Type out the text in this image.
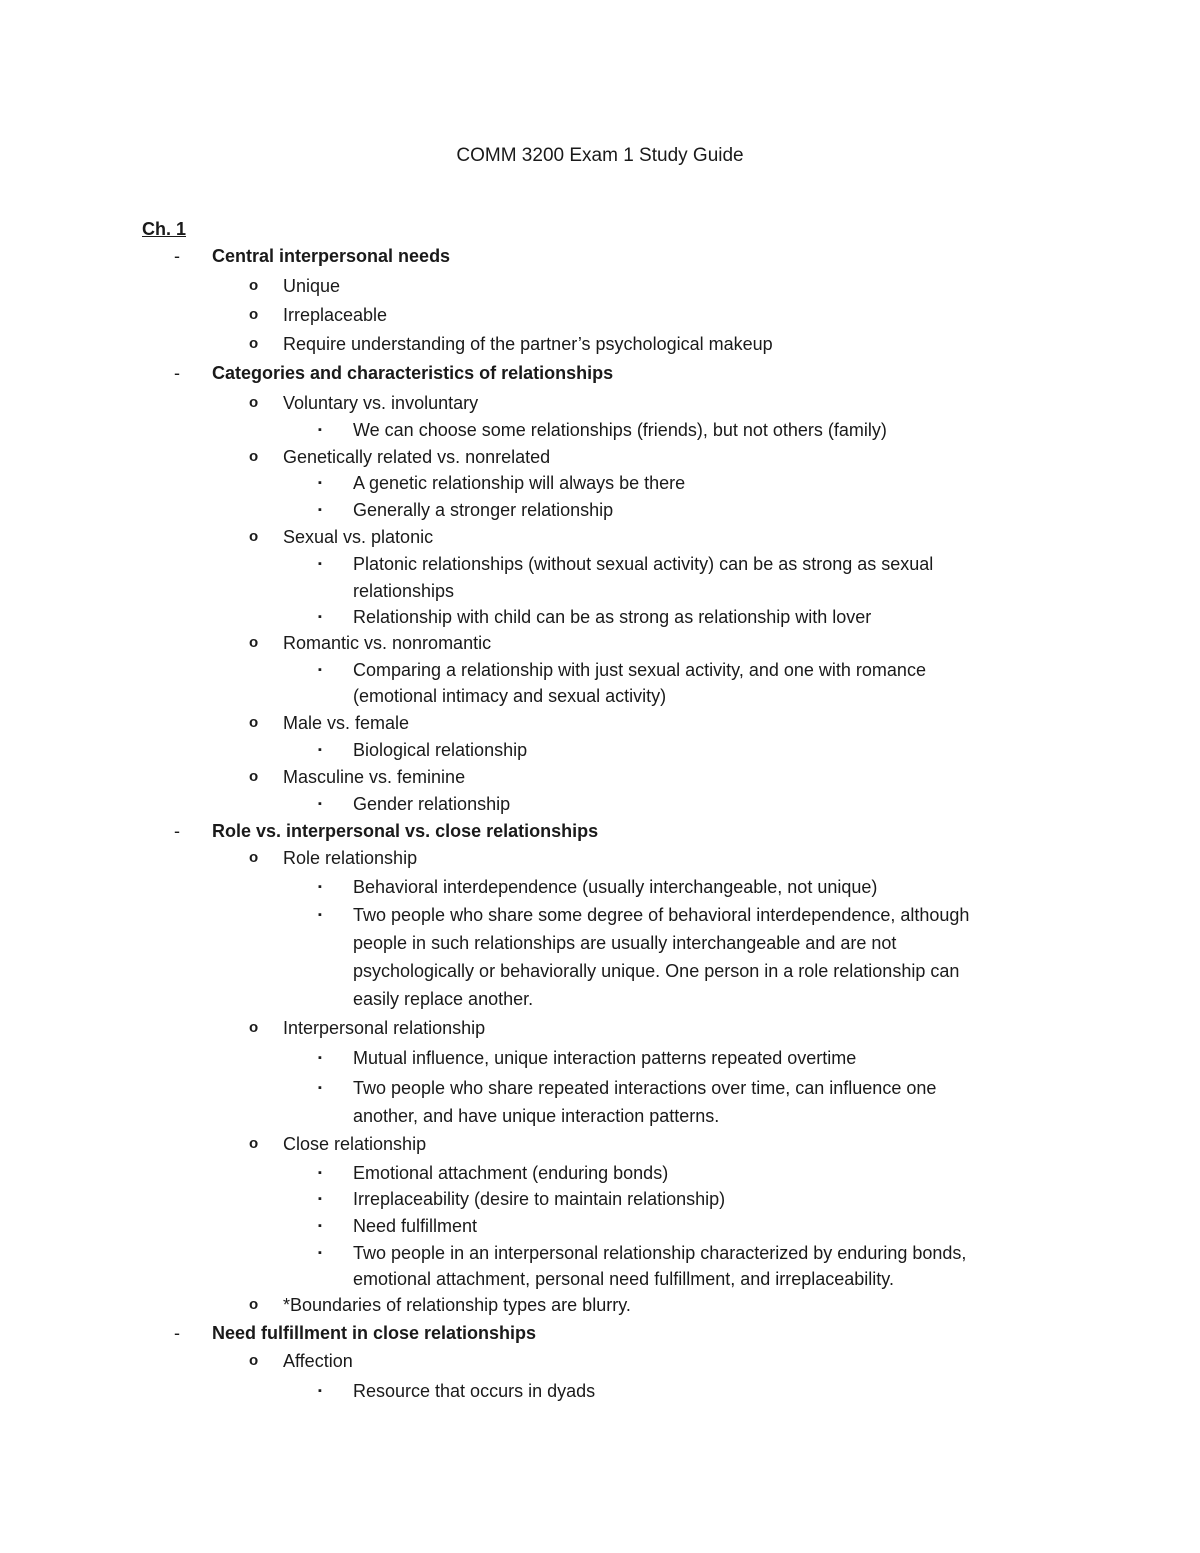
COMM 3200 Exam 1 Study Guide
Ch. 1
- Central interpersonal needs
o Unique
o Irreplaceable
o Require understanding of the partner’s psychological makeup
- Categories and characteristics of relationships
o Voluntary vs. involuntary
▪ We can choose some relationships (friends), but not others (family)
o Genetically related vs. nonrelated
▪ A genetic relationship will always be there
▪ Generally a stronger relationship
o Sexual vs. platonic
▪ Platonic relationships (without sexual activity) can be as strong as sexual
relationships
▪ Relationship with child can be as strong as relationship with lover
o Romantic vs. nonromantic
▪ Comparing a relationship with just sexual activity, and one with romance
(emotional intimacy and sexual activity)
o Male vs. female
▪ Biological relationship
o Masculine vs. feminine
▪ Gender relationship
- Role vs. interpersonal vs. close relationships
o Role relationship
▪ Behavioral interdependence (usually interchangeable, not unique)
▪ Two people who share some degree of behavioral interdependence, although
people in such relationships are usually interchangeable and are not
psychologically or behaviorally unique. One person in a role relationship can
easily replace another.
o Interpersonal relationship
▪ Mutual influence, unique interaction patterns repeated overtime
▪ Two people who share repeated interactions over time, can influence one
another, and have unique interaction patterns.
o Close relationship
▪ Emotional attachment (enduring bonds)
▪ Irreplaceability (desire to maintain relationship)
▪ Need fulfillment
▪ Two people in an interpersonal relationship characterized by enduring bonds,
emotional attachment, personal need fulfillment, and irreplaceability.
o *Boundaries of relationship types are blurry.
- Need fulfillment in close relationships
o Affection
▪ Resource that occurs in dyads
